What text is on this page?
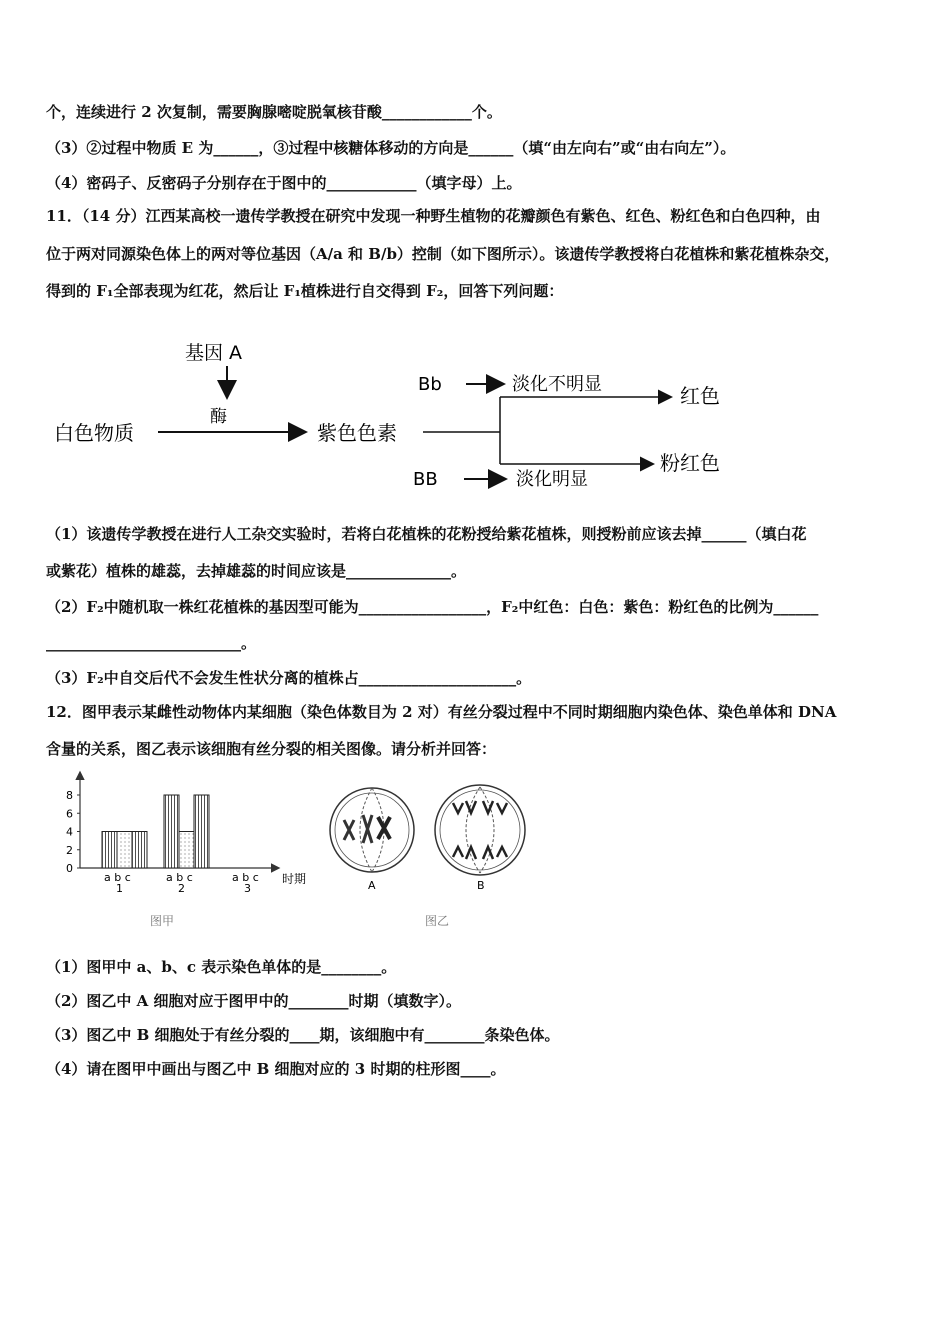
个，连续进行 2 次复制，需要胸腺嘧啶脱氧核苷酸____________个。
（3）②过程中物质 E 为______，③过程中核糖体移动的方向是______（填“由左向右”或“由右向左”）。
（4）密码子、反密码子分别存在于图中的____________（填字母）上。
11．（14 分）江西某高校一遗传学教授在研究中发现一种野生植物的花瓣颜色有紫色、红色、粉红色和白色四种，由
位于两对同源染色体上的两对等位基因（A/a 和 B/b）控制（如下图所示）。该遗传学教授将白花植株和紫花植株杂交，
得到的 F₁全部表现为红花，然后让 F₁植株进行自交得到 F₂，回答下列问题：
基因 A
酶
白色物质	紫色色素
Bb	淡化不明显	红色
BB	淡化明显
粉红色
（1）该遗传学教授在进行人工杂交实验时，若将白花植株的花粉授给紫花植株，则授粉前应该去掉______（填白花
或紫花）植株的雄蕊，去掉雄蕊的时间应该是______________。
（2）F₂中随机取一株红花植株的基因型可能为_________________，F₂中红色：白色：紫色：粉红色的比例为______
__________________________。
（3）F₂中自交后代不会发生性状分离的植株占_____________________。
12．图甲表示某雌性动物体内某细胞（染色体数目为 2 对）有丝分裂过程中不同时期细胞内染色体、染色单体和 DNA
含量的关系，图乙表示该细胞有丝分裂的相关图像。请分析并回答：
0
2
4
6
8
a b c
1
a b c
2
a b c
3
时期
图甲
A	B
图乙
（1）图甲中 a、b、c 表示染色单体的是________。
（2）图乙中 A 细胞对应于图甲中的________时期（填数字）。
（3）图乙中 B 细胞处于有丝分裂的____期，该细胞中有________条染色体。
（4）请在图甲中画出与图乙中 B 细胞对应的 3 时期的柱形图____。
